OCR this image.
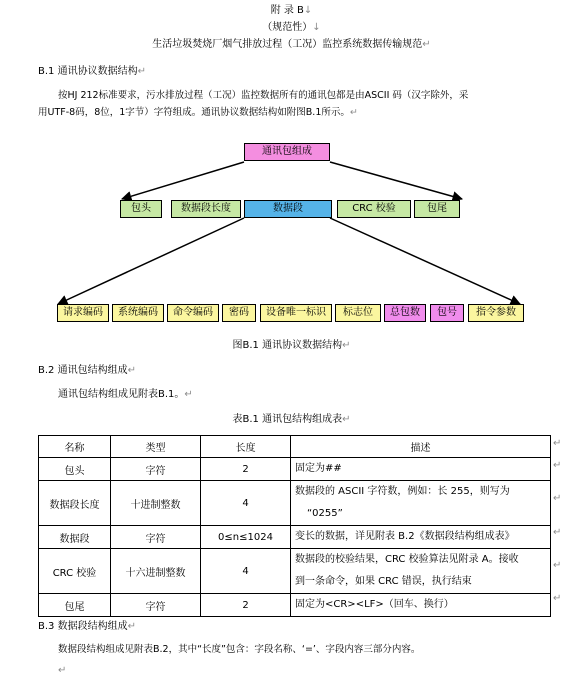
附 录 B↓
（规范性）↓
生活垃圾焚烧厂烟气排放过程（工况）监控系统数据传输规范↵
B.1 通讯协议数据结构↵
按HJ 212标准要求，污水排放过程（工况）监控数据所有的通讯包都是由ASCII 码（汉字除外，采
用UTF-8码，8位，1字节）字符组成。通讯协议数据结构如附图B.1所示。↵
通讯包组成
包头	数据段长度	数据段	CRC 校验	包尾
请求编码	系统编码	命令编码	密码	设备唯一标识	标志位	总包数	包号	指令参数
图B.1 通讯协议数据结构↵
B.2 通讯包结构组成↵
通讯包结构组成见附表B.1。↵
表B.1 通讯包结构组成表↵
名称	类型	长度	描述
包头	字符	2	固定为##
数据段长度	十进制整数	4	数据段的 ASCII 字符数，例如：长 255，则写为
“0255”

数据段	字符	0≤n≤1024	变长的数据，详见附表 B.2《数据段结构组成表》
CRC 校验	十六进制整数	4	数据段的校验结果，CRC 校验算法见附录 A。接收
到一条命令，如果 CRC 错误，执行结束

包尾	字符	2	固定为<CR><LF>（回车、换行）
↵
↵
↵
↵
↵
↵
B.3 数据段结构组成↵
数据段结构组成见附表B.2，其中“长度”包含：字段名称、‘=’、字段内容三部分内容。
↵
